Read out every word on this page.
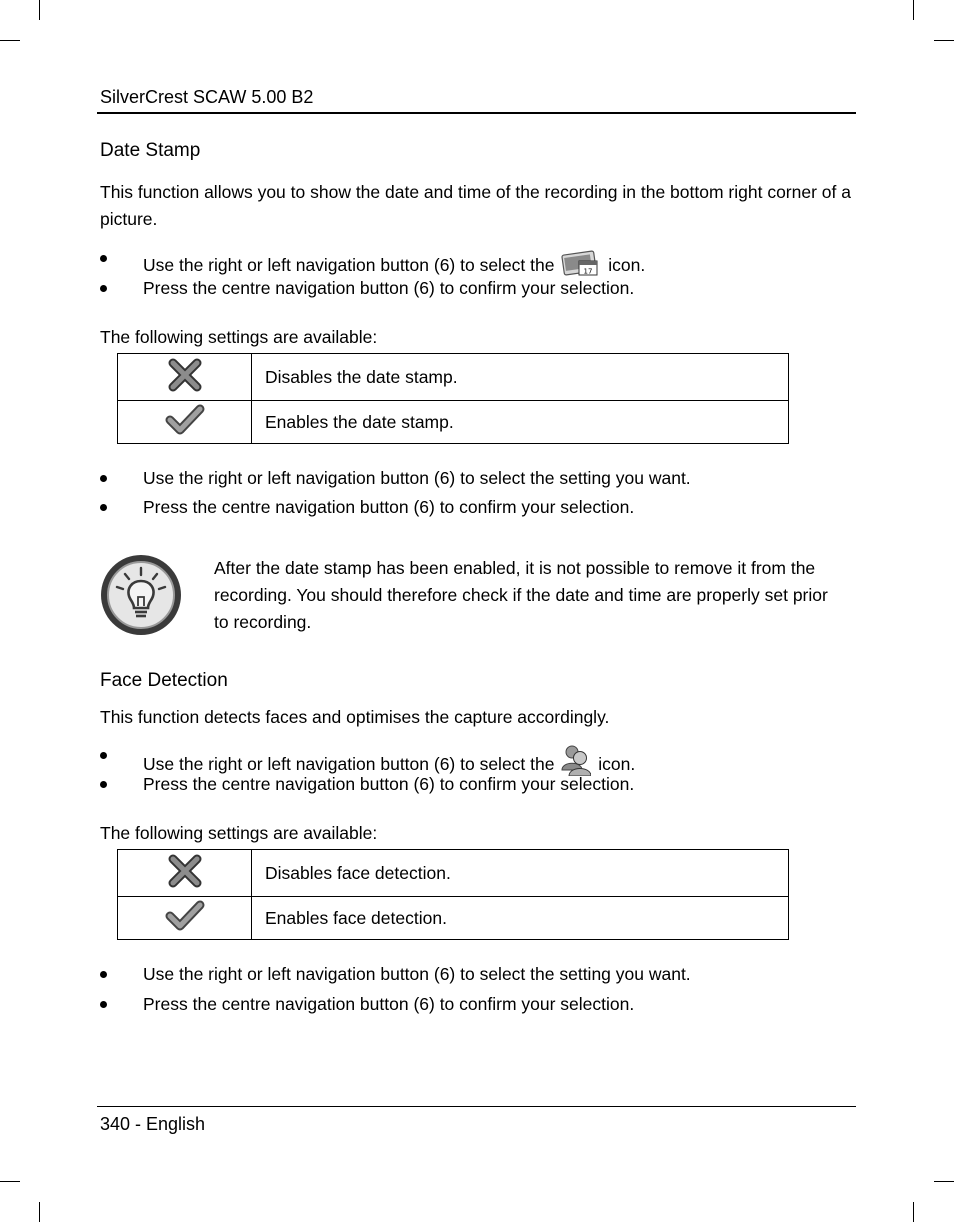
SilverCrest SCAW 5.00 B2
Date Stamp
This function allows you to show the date and time of the recording in the bottom right corner of a picture.
Use the right or left navigation button (6) to select the	17 icon.
Press the centre navigation button (6) to confirm your selection.
The following settings are available:
	Disables the date stamp.
	Enables the date stamp.
Use the right or left navigation button (6) to select the setting you want.
Press the centre navigation button (6) to confirm your selection.
After the date stamp has been enabled, it is not possible to remove it from the recording. You should therefore check if the date and time are properly set prior to recording.
Face Detection
This function detects faces and optimises the capture accordingly.
Use the right or left navigation button (6) to select the	icon.
Press the centre navigation button (6) to confirm your selection.
The following settings are available:
	Disables face detection.
	Enables face detection.
Use the right or left navigation button (6) to select the setting you want.
Press the centre navigation button (6) to confirm your selection.
340 - English
